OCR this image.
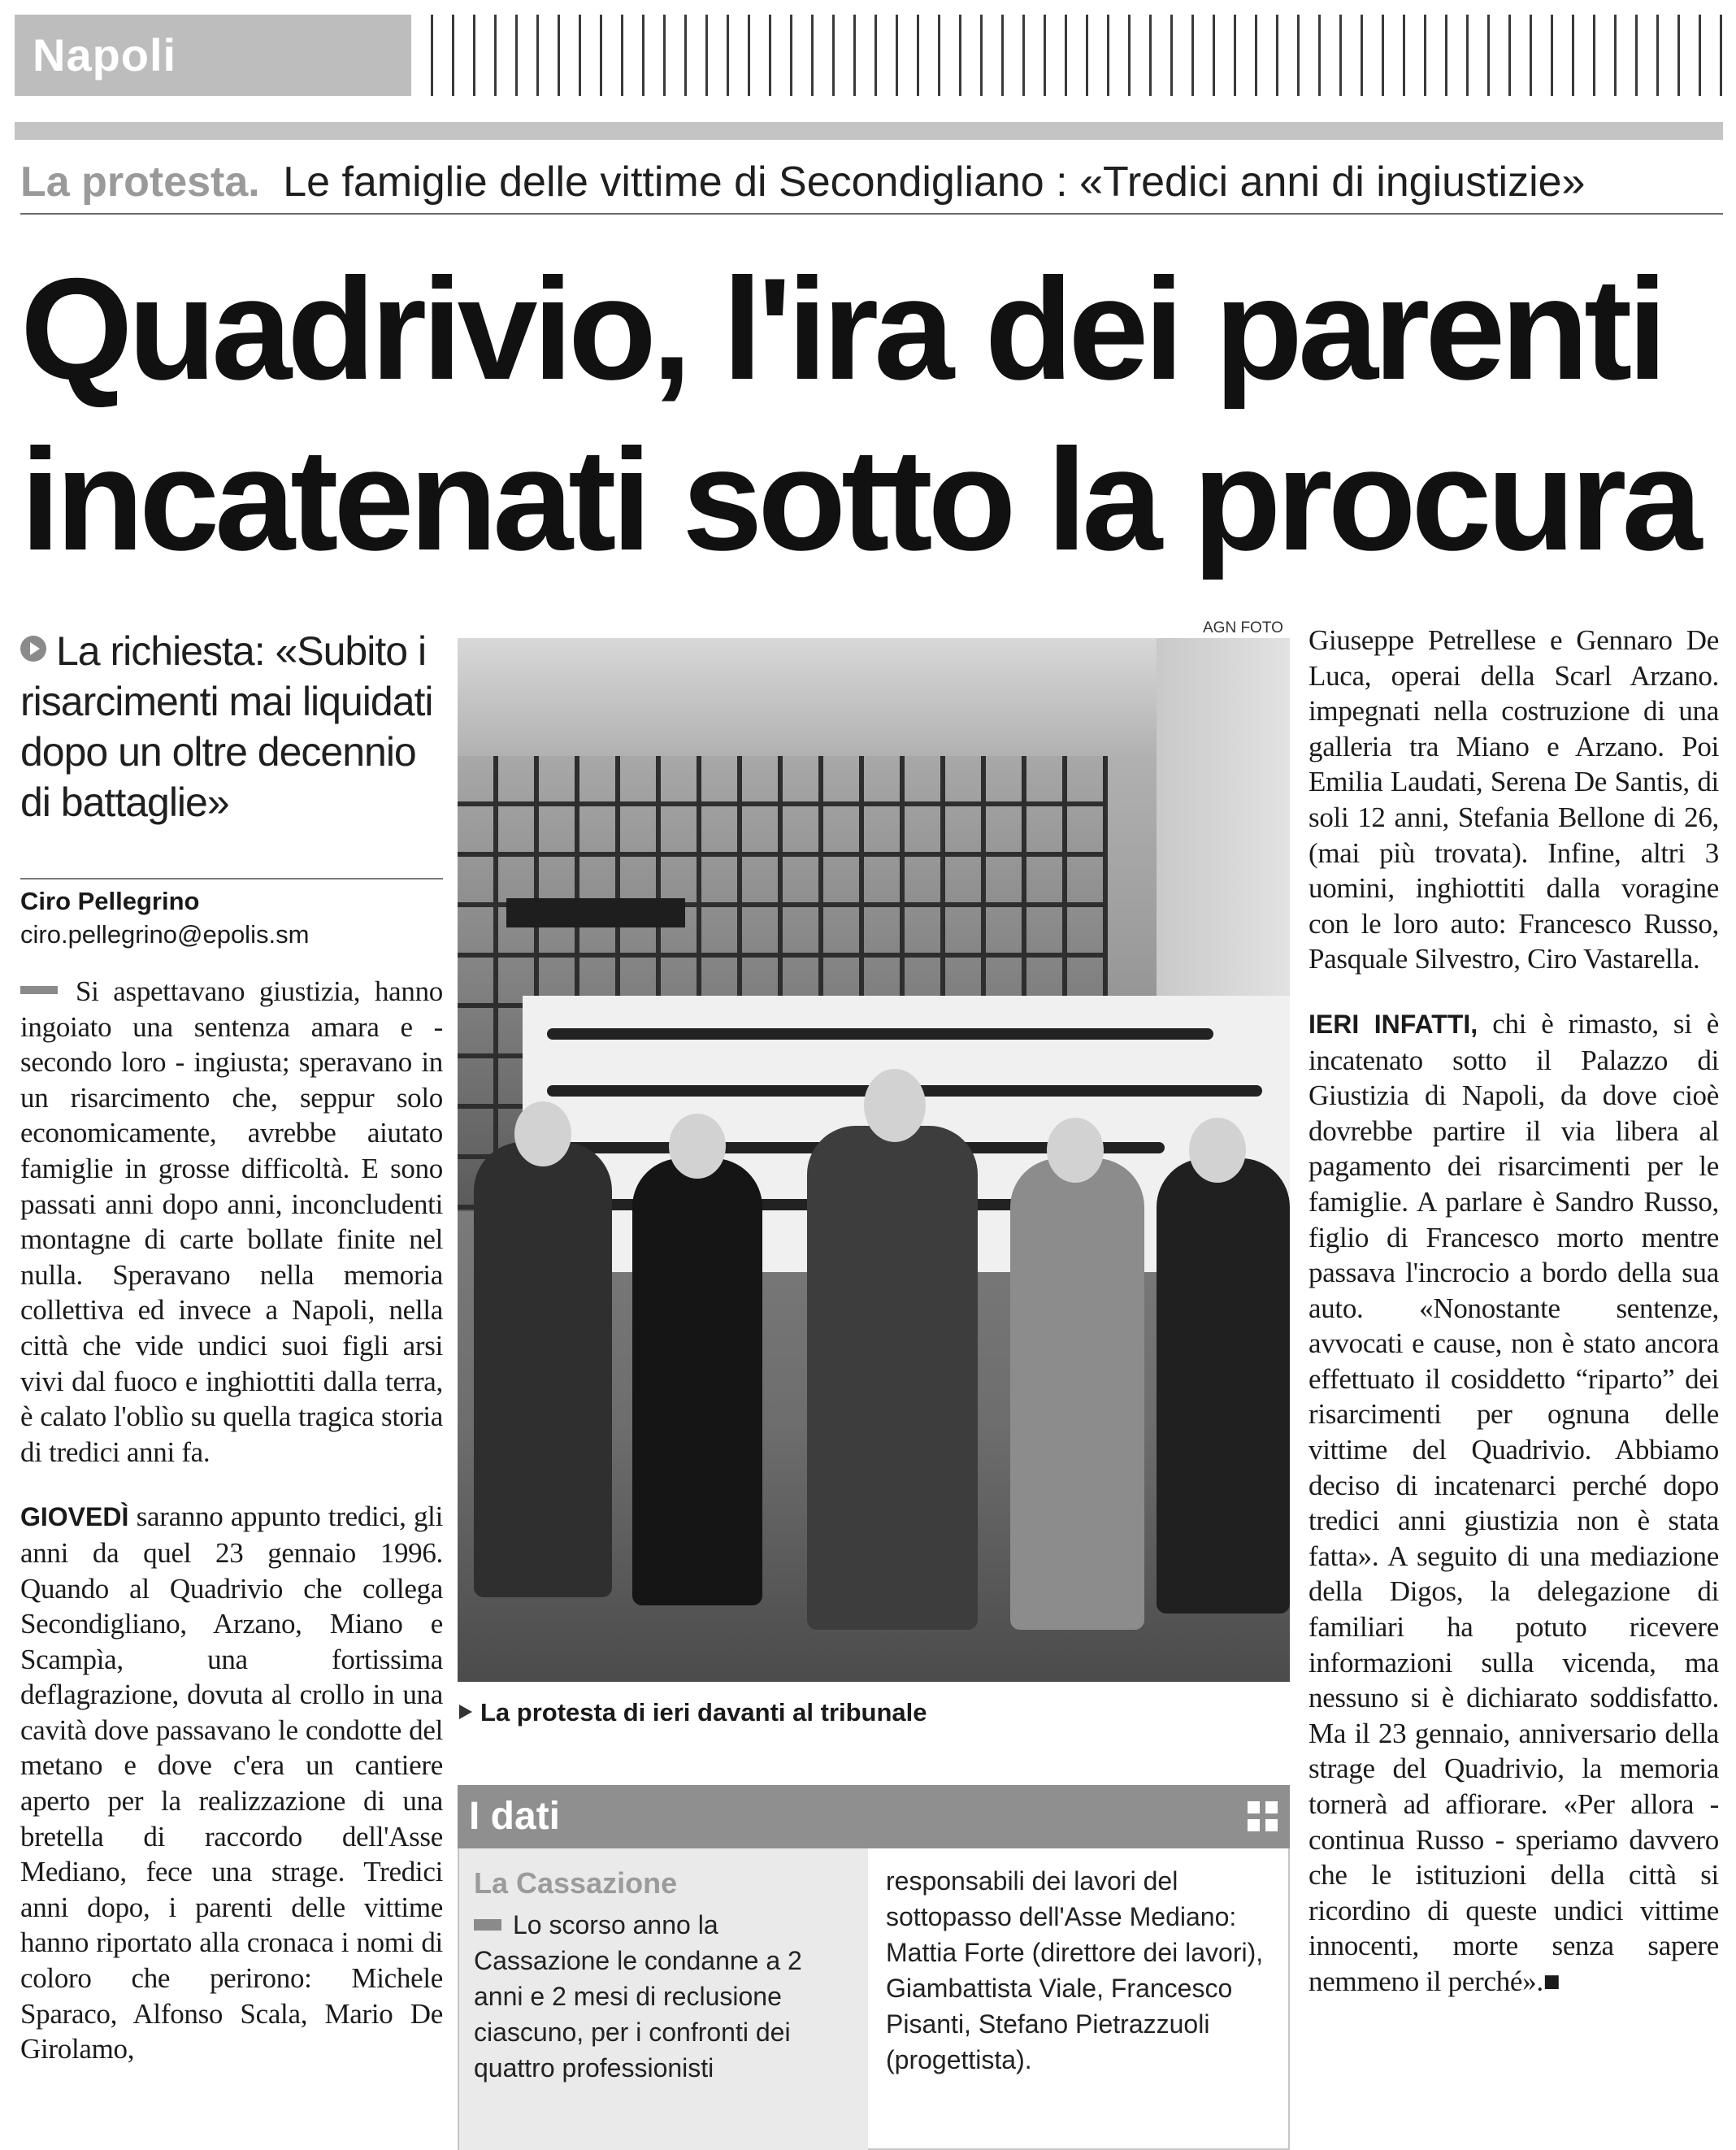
Napoli
La protesta. Le famiglie delle vittime di Secondigliano : «Tredici anni di ingiustizie»
Quadrivio, l'ira dei parenti
incatenati sotto la procura
La richiesta: «Subito i risarcimenti mai liquidati dopo un oltre decennio di battaglie»
Ciro Pellegrino
ciro.pellegrino@epolis.sm

Si aspettavano giustizia, hanno ingoiato una sentenza amara e - secondo loro - ingiusta; speravano in un risarcimento che, seppur solo economicamente, avrebbe aiutato famiglie in grosse difficoltà. E sono passati anni dopo anni, inconcludenti montagne di carte bollate finite nel nulla. Speravano nella memoria collettiva ed invece a Napoli, nella città che vide undici suoi figli arsi vivi dal fuoco e inghiottiti dalla terra, è calato l'oblìo su quella tragica storia di tredici anni fa.

GIOVEDÌ saranno appunto tredici, gli anni da quel 23 gennaio 1996. Quando al Quadrivio che collega Secondigliano, Arzano, Miano e Scampìa, una fortissima deflagrazione, dovuta al crollo in una cavità dove passavano le condotte del metano e dove c'era un cantiere aperto per la realizzazione di una bretella di raccordo dell'Asse Mediano, fece una strage. Tredici anni dopo, i parenti delle vittime hanno riportato alla cronaca i nomi di coloro che perirono: Michele Sparaco, Alfonso Scala, Mario De Girolamo,

AGN FOTO
La protesta di ieri davanti al tribunale
I dati
La Cassazione
Lo scorso anno la Cassazione le condanne a 2 anni e 2 mesi di reclusione ciascuno, per i confronti dei quattro professionisti
responsabili dei lavori del sottopasso dell'Asse Mediano: Mattia Forte (direttore dei lavori), Giambattista Viale, Francesco Pisanti, Stefano Pietrazzuoli (progettista).

Giuseppe Petrellese e Gennaro De Luca, operai della Scarl Arzano. impegnati nella costruzione di una galleria tra Miano e Arzano. Poi Emilia Laudati, Serena De Santis, di soli 12 anni, Stefania Bellone di 26, (mai più trovata). Infine, altri 3 uomini, inghiottiti dalla voragine con le loro auto: Francesco Russo, Pasquale Silvestro, Ciro Vastarella.

IERI INFATTI, chi è rimasto, si è incatenato sotto il Palazzo di Giustizia di Napoli, da dove cioè dovrebbe partire il via libera al pagamento dei risarcimenti per le famiglie. A parlare è Sandro Russo, figlio di Francesco morto mentre passava l'incrocio a bordo della sua auto. «Nonostante sentenze, avvocati e cause, non è stato ancora effettuato il cosiddetto “riparto” dei risarcimenti per ognuna delle vittime del Quadrivio. Abbiamo deciso di incatenarci perché dopo tredici anni giustizia non è stata fatta». A seguito di una mediazione della Digos, la delegazione di familiari ha potuto ricevere informazioni sulla vicenda, ma nessuno si è dichiarato soddisfatto. Ma il 23 gennaio, anniversario della strage del Quadrivio, la memoria tornerà ad affiorare. «Per allora - continua Russo - speriamo davvero che le istituzioni della città si ricordino di queste undici vittime innocenti, morte senza sapere nemmeno il perché».■
